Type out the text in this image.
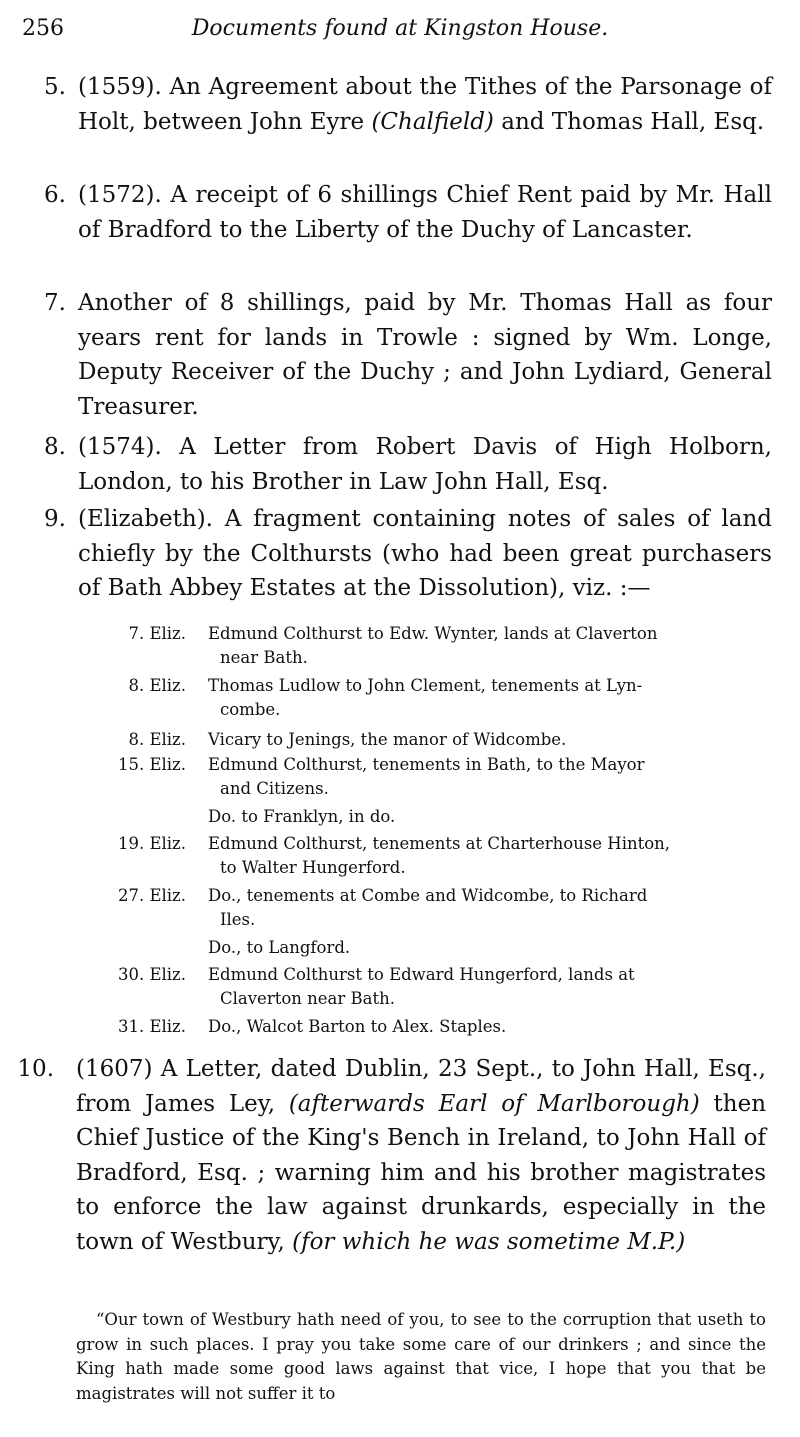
256	Documents found at Kingston House.
5. (1559). An Agreement about the Tithes of the Parsonage of Holt, between John Eyre (Chalfield) and Thomas Hall, Esq.
6. (1572). A receipt of 6 shillings Chief Rent paid by Mr. Hall of Bradford to the Liberty of the Duchy of Lancaster.
7. Another of 8 shillings, paid by Mr. Thomas Hall as four years rent for lands in Trowle : signed by Wm. Longe, Deputy Receiver of the Duchy ; and John Lydiard, General Treasurer.
8. (1574). A Letter from Robert Davis of High Holborn, London, to his Brother in Law John Hall, Esq.
9. (Elizabeth). A fragment containing notes of sales of land chiefly by the Colthursts (who had been great purchasers of Bath Abbey Estates at the Dissolution), viz. :—
7. Eliz. Edmund Colthurst to Edw. Wynter, lands at Claverton
near Bath.
8. Eliz. Thomas Ludlow to John Clement, tenements at Lyn-
combe.
8. Eliz. Vicary to Jenings, the manor of Widcombe.
15. Eliz. Edmund Colthurst, tenements in Bath, to the Mayor
and Citizens.
Do. to Franklyn, in do.
19. Eliz. Edmund Colthurst, tenements at Charterhouse Hinton,
to Walter Hungerford.
27. Eliz. Do., tenements at Combe and Widcombe, to Richard
Iles.
Do., to Langford.
30. Eliz. Edmund Colthurst to Edward Hungerford, lands at
Claverton near Bath.
31. Eliz. Do., Walcot Barton to Alex. Staples.
10. (1607) A Letter, dated Dublin, 23 Sept., to John Hall, Esq., from James Ley, (afterwards Earl of Marlborough) then Chief Justice of the King's Bench in Ireland, to John Hall of Bradford, Esq. ; warning him and his brother magistrates to enforce the law against drunkards, especially in the town of Westbury, (for which he was sometime M.P.)
“Our town of Westbury hath need of you, to see to the corruption that useth to grow in such places. I pray you take some care of our drinkers ; and since the King hath made some good laws against that vice, I hope that you that be magistrates will not suffer it to
